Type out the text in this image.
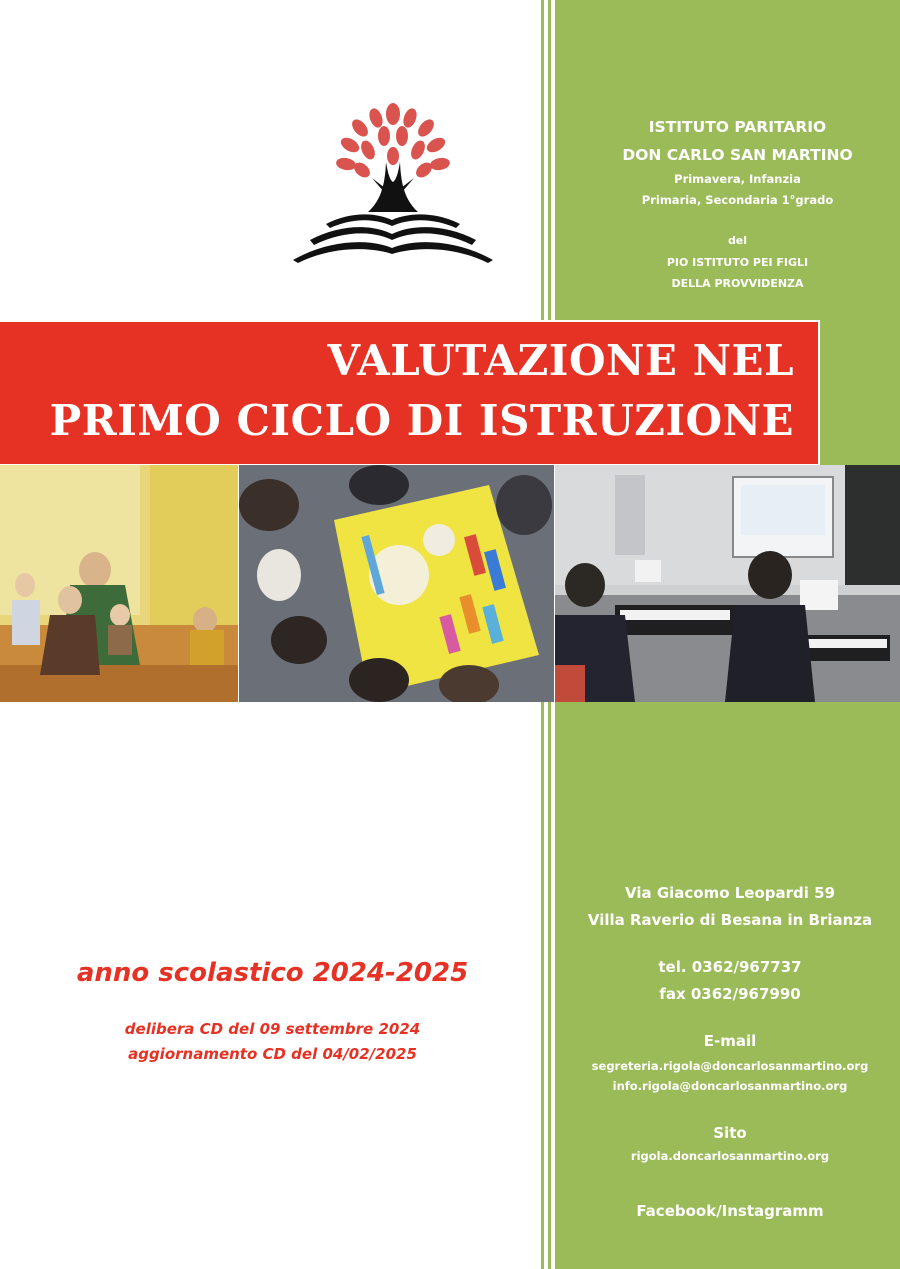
ISTITUTO PARITARIO
DON CARLO SAN MARTINO
Primavera, Infanzia
Primaria, Secondaria 1°grado
del
PIO ISTITUTO PEI FIGLI
DELLA PROVVIDENZA
VALUTAZIONE NEL
PRIMO CICLO DI ISTRUZIONE
anno scolastico 2024-2025
delibera CD del 09 settembre 2024
aggiornamento CD del 04/02/2025
Via Giacomo Leopardi 59
Villa Raverio di Besana in Brianza
tel. 0362/967737
fax 0362/967990
E-mail
segreteria.rigola@doncarlosanmartino.org
info.rigola@doncarlosanmartino.org
Sito
rigola.doncarlosanmartino.org
Facebook/Instagramm
